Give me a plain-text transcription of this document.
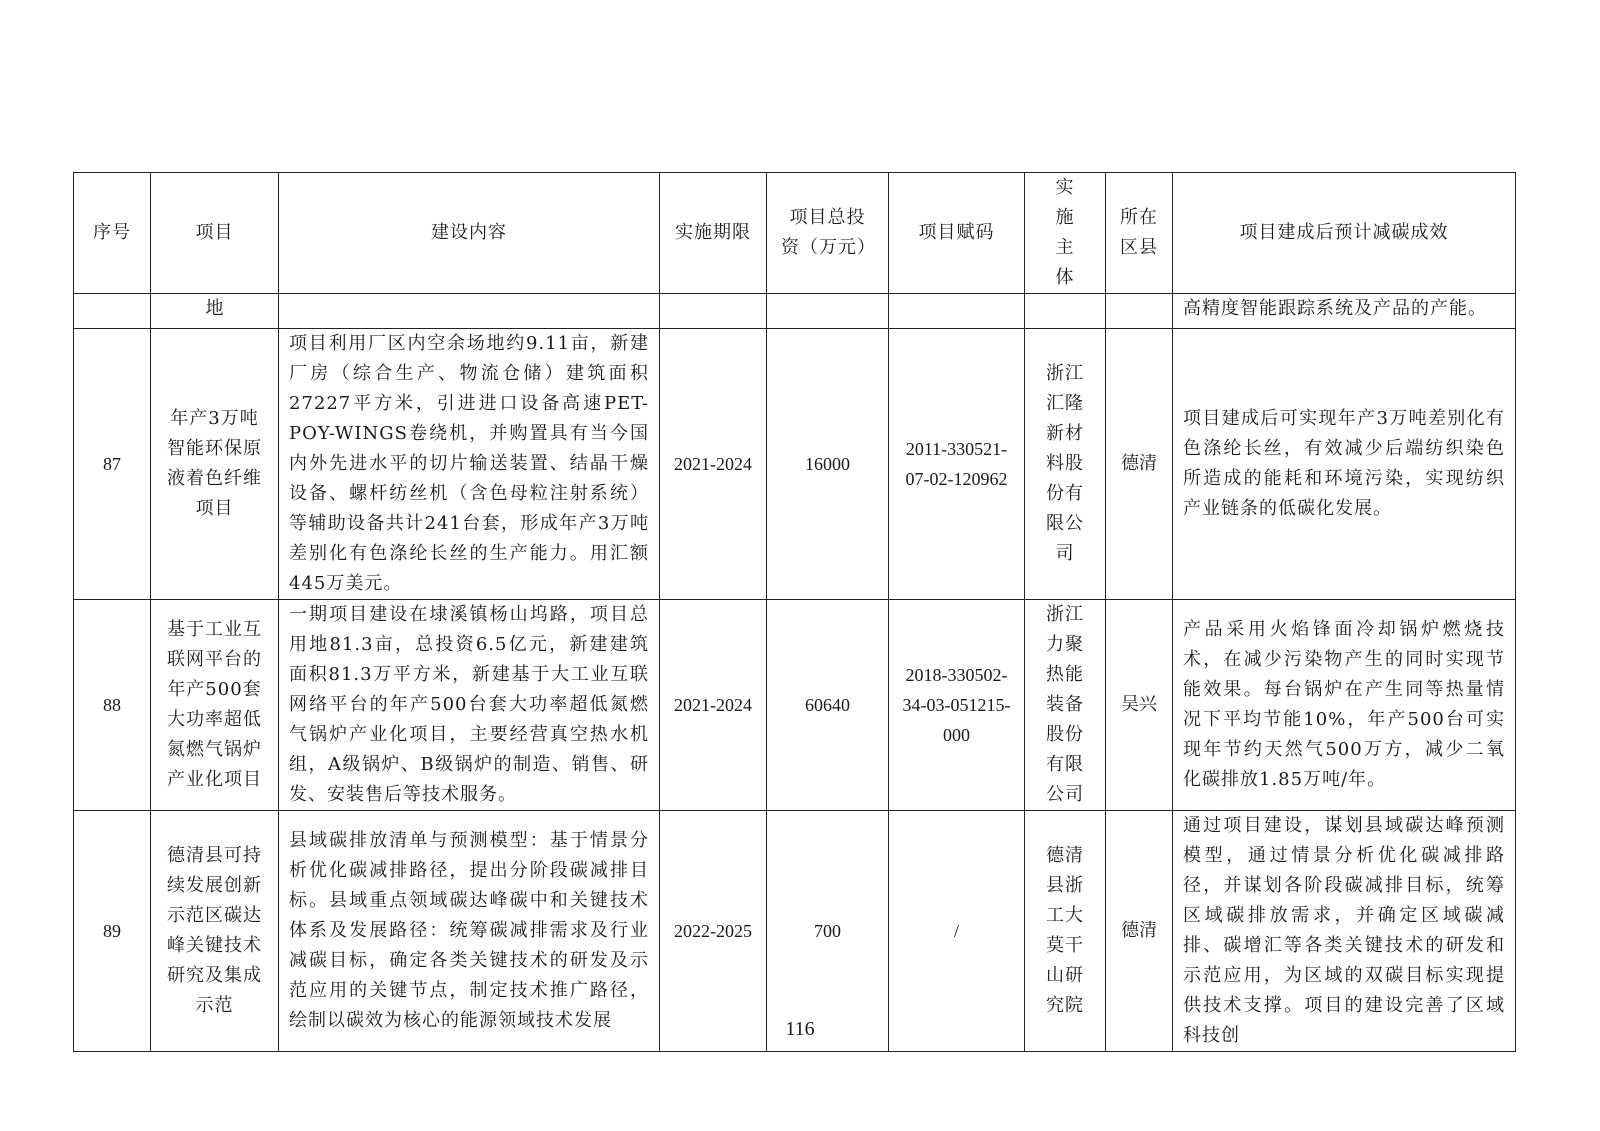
序号	项目	建设内容	实施期限	项目总投资（万元）	项目赋码	实施主体	所在区县	项目建成后预计减碳成效
	地							高精度智能跟踪系统及产品的产能。
87	年产3万吨智能环保原液着色纤维项目	项目利用厂区内空余场地约9.11亩，新建厂房（综合生产、物流仓储）建筑面积27227平方米，引进进口设备高速PET-POY-WINGS卷绕机，并购置具有当今国内外先进水平的切片输送装置、结晶干燥设备、螺杆纺丝机（含色母粒注射系统）等辅助设备共计241台套，形成年产3万吨差别化有色涤纶长丝的生产能力。用汇额445万美元。	2021-2024	16000	2011-330521-07-02-120962	浙江汇隆新材料股份有限公司	德清	项目建成后可实现年产3万吨差别化有色涤纶长丝，有效减少后端纺织染色所造成的能耗和环境污染，实现纺织产业链条的低碳化发展。
88	基于工业互联网平台的年产500套大功率超低氮燃气锅炉产业化项目	一期项目建设在埭溪镇杨山坞路，项目总用地81.3亩，总投资6.5亿元，新建建筑面积81.3万平方米，新建基于大工业互联网络平台的年产500台套大功率超低氮燃气锅炉产业化项目，主要经营真空热水机组，A级锅炉、B级锅炉的制造、销售、研发、安装售后等技术服务。	2021-2024	60640	2018-330502-34-03-051215-000	浙江力聚热能装备股份有限公司	吴兴	产品采用火焰锋面冷却锅炉燃烧技术，在减少污染物产生的同时实现节能效果。每台锅炉在产生同等热量情况下平均节能10%，年产500台可实现年节约天然气500万方，减少二氧化碳排放1.85万吨/年。
89	德清县可持续发展创新示范区碳达峰关键技术研究及集成示范	县域碳排放清单与预测模型：基于情景分析优化碳减排路径，提出分阶段碳减排目标。县域重点领域碳达峰碳中和关键技术体系及发展路径：统筹碳减排需求及行业减碳目标，确定各类关键技术的研发及示范应用的关键节点，制定技术推广路径，绘制以碳效为核心的能源领域技术发展	2022-2025	700	/	德清县浙工大莫干山研究院	德清	通过项目建设，谋划县域碳达峰预测模型，通过情景分析优化碳减排路径，并谋划各阶段碳减排目标，统筹区域碳排放需求，并确定区域碳减排、碳增汇等各类关键技术的研发和示范应用，为区域的双碳目标实现提供技术支撑。项目的建设完善了区域科技创
116
